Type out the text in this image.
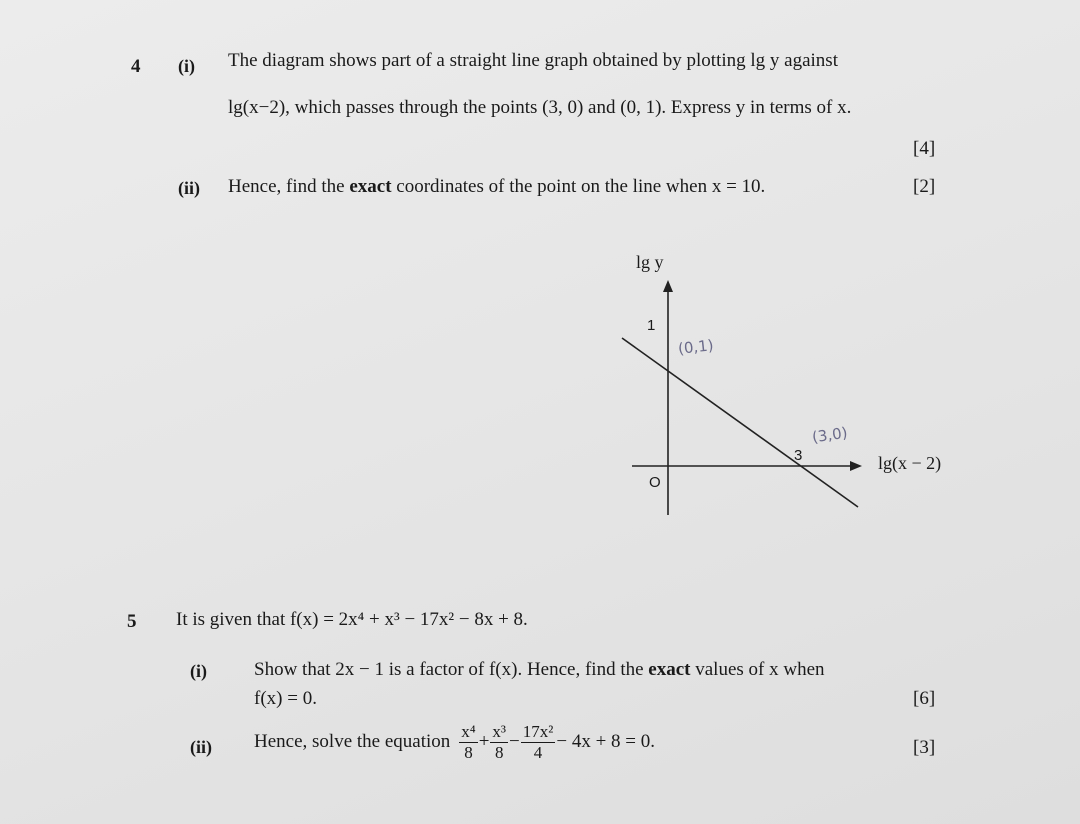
4 (i) The diagram shows part of a straight line graph obtained by plotting lg y against
lg(x−2), which passes through the points (3, 0) and (0, 1). Express y in terms of x.
[4]
(ii) Hence, find the exact coordinates of the point on the line when x = 10.	[2]
lg y
lg(x − 2)
1
3
O
(0,1)
(3,0)
5 It is given that f(x) = 2x⁴ + x³ − 17x² − 8x + 8.
(i) Show that 2x − 1 is a factor of f(x). Hence, find the exact values of x when
f(x) = 0.	[6]
(ii) Hence, solve the equation $\frac{\text{x⁴}}{8} + \frac{\text{x³}}{8} - \frac{\text{17x²}}{4} - 4x + 8 = 0$.	[3]
